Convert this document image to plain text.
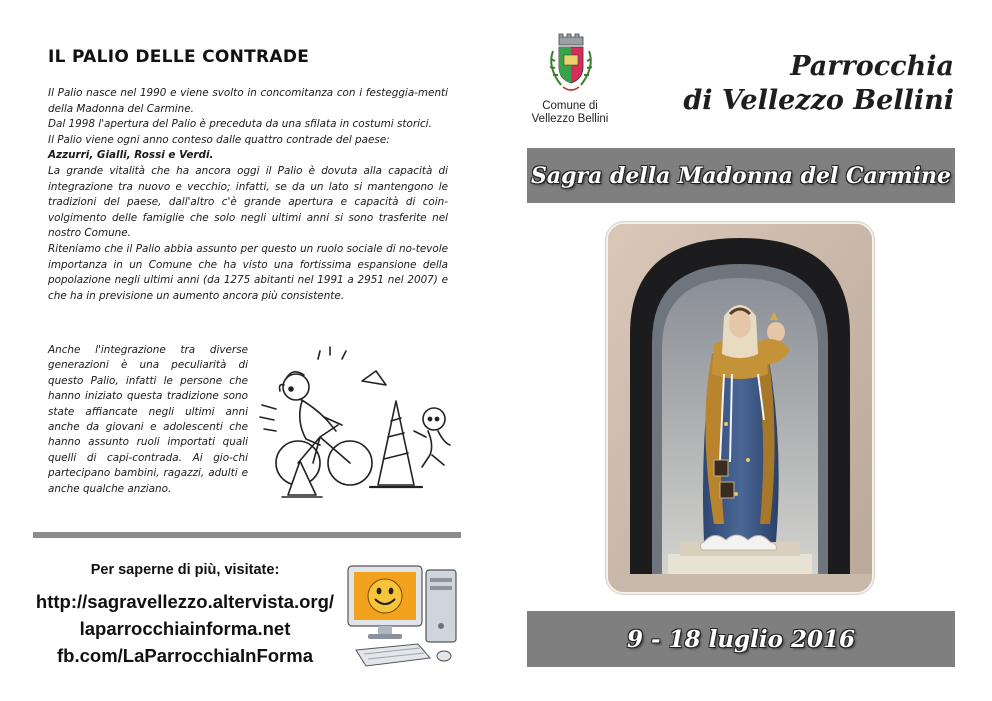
IL PALIO DELLE CONTRADE

Il Palio nasce nel 1990 e viene svolto in concomitanza con i festeggia-menti della Madonna del Carmine.

Dal 1998 l'apertura del Palio è preceduta da una sfilata in costumi storici.

Il Palio viene ogni anno conteso dalle quattro contrade del paese:

Azzurri, Gialli, Rossi e Verdi.

La grande vitalità che ha ancora oggi il Palio è dovuta alla capacità di integrazione tra nuovo e vecchio; infatti, se da un lato si mantengono le tradizioni del paese, dall'altro c'è grande apertura e capacità di coin-volgimento delle famiglie che solo negli ultimi anni si sono trasferite nel nostro Comune.

Riteniamo che il Palio abbia assunto per questo un ruolo sociale di no-tevole importanza in un Comune che ha visto una fortissima espansione della popolazione negli ultimi anni (da 1275 abitanti nel 1991 a 2951 nel 2007) e che ha in previsione un aumento ancora più consistente.

Anche l'integrazione tra diverse generazioni è una peculiarità di questo Palio, infatti le persone che hanno iniziato questa tradizione sono state affiancate negli ultimi anni anche da giovani e adolescenti che hanno assunto ruoli importati quali quelli di capi-contrada. Ai gio-chi partecipano bambini, ragazzi, adulti e anche qualche anziano.
Per saperne di più, visitate:
http://sagravellezzo.altervista.org/
laparrocchiainforma.net
fb.com/LaParrocchiaInForma
Comune di
Vellezzo Bellini
Parrocchia
di Vellezzo Bellini
Sagra della Madonna del Carmine
9 - 18 luglio 2016
